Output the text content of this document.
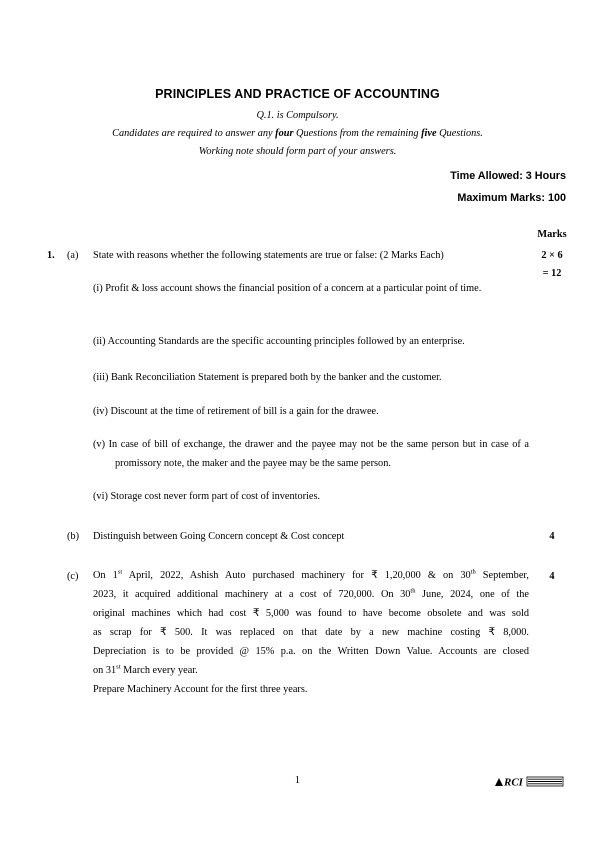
PRINCIPLES AND PRACTICE OF ACCOUNTING
Q.1. is Compulsory.
Candidates are required to answer any four Questions from the remaining five Questions.
Working note should form part of your answers.
Time Allowed: 3 Hours
Maximum Marks: 100
Marks
1. (a) State with reasons whether the following statements are true or false: (2 Marks Each)	2 × 6
= 12
(i) Profit & loss account shows the financial position of a concern at a particular point of time.
(ii) Accounting Standards are the specific accounting principles followed by an enterprise.
(iii) Bank Reconciliation Statement is prepared both by the banker and the customer.
(iv) Discount at the time of retirement of bill is a gain for the drawee.
(v) In case of bill of exchange, the drawer and the payee may not be the same person but in case of a promissory note, the maker and the payee may be the same person.
(vi) Storage cost never form part of cost of inventories.
(b) Distinguish between Going Concern concept & Cost concept	4
(c)	4
On 1st April, 2022, Ashish Auto purchased machinery for ₹ 1,20,000 & on 30th September,
2023, it acquired additional machinery at a cost of 720,000. On 30th June, 2024, one of the
original machines which had cost ₹ 5,000 was found to have become obsolete and was sold
as scrap for ₹ 500. It was replaced on that date by a new machine costing ₹ 8,000.
Depreciation is to be provided @ 15% p.a. on the Written Down Value. Accounts are closed
on 31st March every year.
Prepare Machinery Account for the first three years.
1	RCI
